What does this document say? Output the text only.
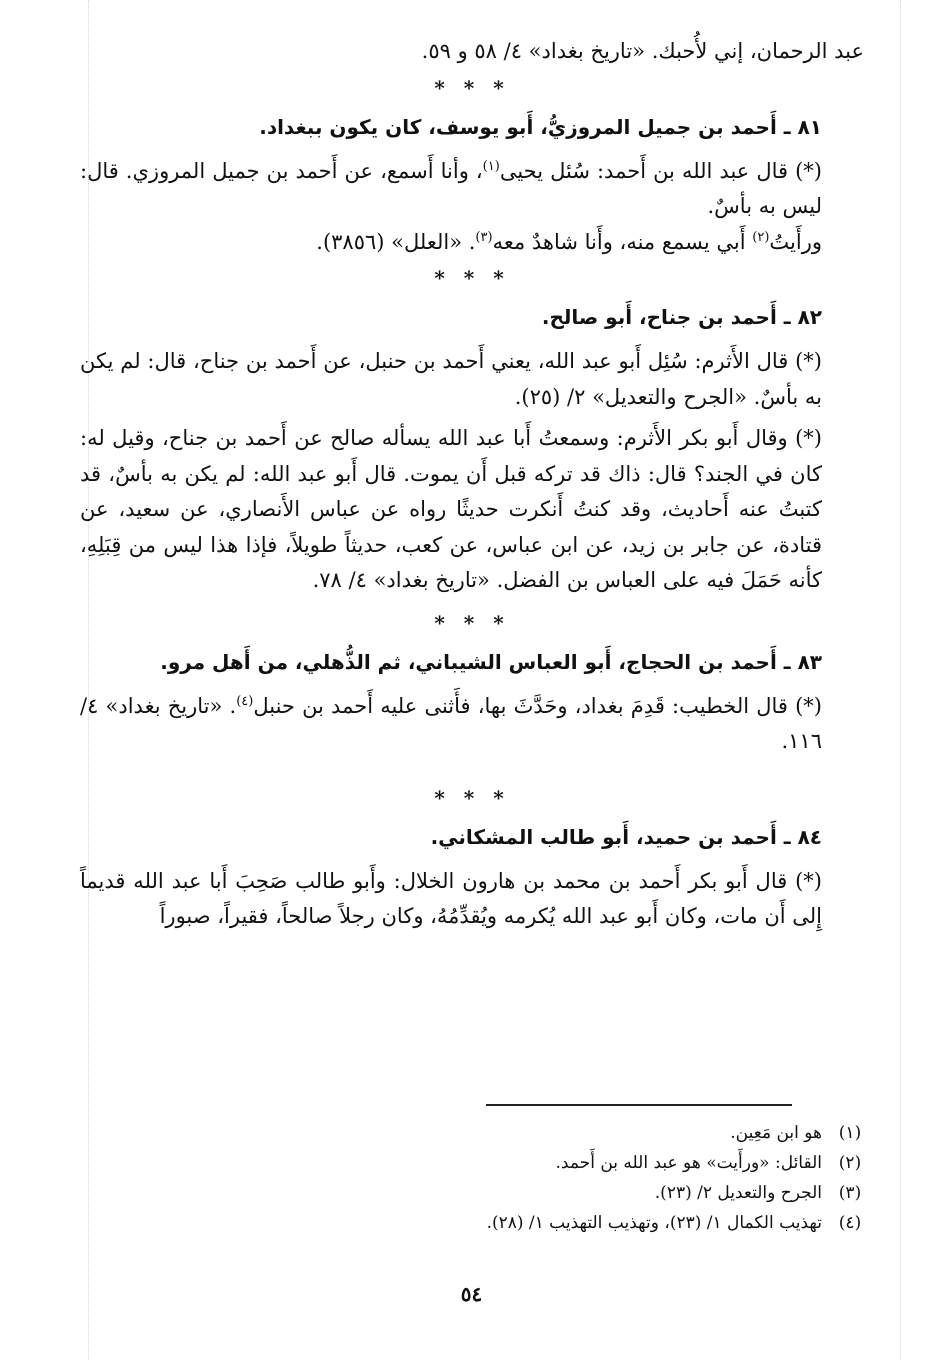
عبد الرحمان، إني لأُحبك. «تاريخ بغداد» ٤/ ٥٨ و ٥٩.

* * *
٨١ ـ أَحمد بن جميل المروزيُّ، أَبو يوسف، كان يكون ببغداد.

(*) قال عبد الله بن أَحمد: سُئل يحيى$^{(١)}$، وأنا أَسمع، عن أَحمد بن جميل المروزي. قال: ليس به بأسٌ.

ورأَيتُ$^{(٢)}$ أَبي يسمع منه، وأَنا شاهدٌ معه$^{(٣)}$. «العلل» (٣٨٥٦).

* * *
٨٢ ـ أَحمد بن جناح، أَبو صالح.

(*) قال الأَثرم: سُئِل أَبو عبد الله، يعني أَحمد بن حنبل، عن أَحمد بن جناح، قال: لم يكن به بأسٌ. «الجرح والتعديل» ٢/ (٢٥).

(*) وقال أَبو بكر الأَثرم: وسمعتُ أَبا عبد الله يسأله صالح عن أَحمد بن جناح، وقيل له: كان في الجند؟ قال: ذاك قد تركه قبل أَن يموت. قال أَبو عبد الله: لم يكن به بأسٌ، قد كتبتُ عنه أَحاديث، وقد كنتُ أَنكرت حديثًا رواه عن عباس الأَنصاري، عن سعيد، عن قتادة، عن جابر بن زيد، عن ابن عباس، عن كعب، حديثاً طويلاً، فإذا هذا ليس من قِبَلِهِ، كأنه حَمَلَ فيه على العباس بن الفضل. «تاريخ بغداد» ٤/ ٧٨.

* * *
٨٣ ـ أَحمد بن الحجاج، أَبو العباس الشيباني، ثم الذُّهلي، من أَهل مرو.

(*) قال الخطيب: قَدِمَ بغداد، وحَدَّثَ بها، فأَثنى عليه أَحمد بن حنبل$^{(٤)}$. «تاريخ بغداد» ٤/ ١١٦.

* * *
٨٤ ـ أَحمد بن حميد، أَبو طالب المشكاني.

(*) قال أَبو بكر أَحمد بن محمد بن هارون الخلال: وأَبو طالب صَحِبَ أَبا عبد الله قديماً إِلى أَن مات، وكان أَبو عبد الله يُكرمه ويُقدِّمُهُ، وكان رجلاً صالحاً، فقيراً، صبوراً

(١)
هو ابن مَعِين.
(٢)
القائل: «ورأَيت» هو عبد الله بن أَحمد.
(٣)
الجرح والتعديل ٢/ (٢٣).
(٤)
تهذيب الكمال ١/ (٢٣)، وتهذيب التهذيب ١/ (٢٨).
٥٤
